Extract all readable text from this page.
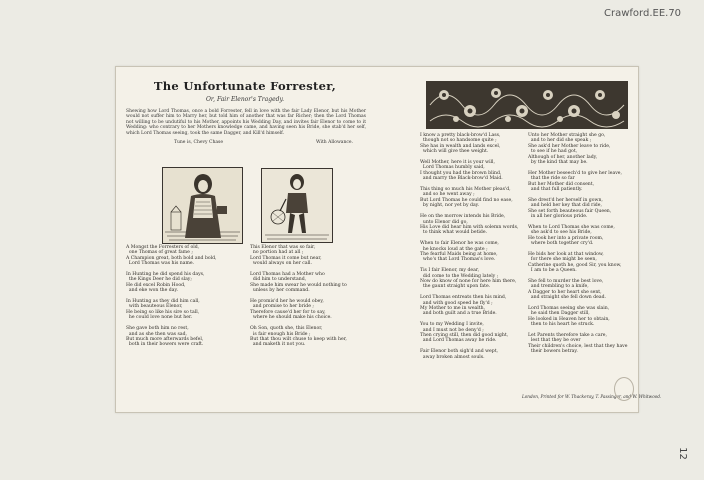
Crawford.EE.70
12
The Unfortunate Forrester,
Or, Fair Elenor's Tragedy.
Shewing how Lord Thomas, once a bold Forrester, fell in love with the fair Lady Elenor, but his Mother would not suffer him to Marry her, but told him of another that was far Richer; then the Lord Thomas not willing to be undutiful to his Mother, appoints his Wedding Day, and invites fair Elenor to come to it Wedding: who contrary to her Mothers knowledge came, and having seen his Bride, she stab'd her self, which Lord Thomas seeing, took the same Dagger, and Kill'd himself.
Tune is, Chevy Chase	With Allowance.
A Mongst the Forresters of old,
one Thomas of great fame ;
A Champion great, both bold and bold,
Lord Thomas was his name.

In Hunting he did spend his days,
the Kings Deer he did slay;
He did excel Robin Hood,
and eke won the day.

In Hunting as they did him call,
with beauteous Elenor,
He being so like his sire so tall,
he could love none but her.

She gave both him no rest,
and as she then was sad,
But much more afterwards befel,
both in their bowers were craft.
This Elenor that was so fair,
no portion had at all ;
Lord Thomas it come but near,
would always on her call.

Lord Thomas had a Mother who
did him to understand,
She made him swear he would nothing to
unless by her command.

He promis'd her he would obey,
and promise to her bride ;
Therefore cause'd her for to say,
where he should make his choice.

Oh Son, quoth she, this Elenor,
is fair enough his Bride ;
But that thou wilt chuse to keep with her,
and maketh it not you.
I know a pretty black-brow'd Lass,
though not so handsome quite ;
She has in wealth and lands excel,
which will give thee weight.

Well Mother, here it is your will,
Lord Thomas humbly said,
I thought you had the brown blind,
and marry the Black-brow'd Maid.

This thing so much his Mother pleas'd,
and so he went away ;
But Lord Thomas he could find no ease,
by night, nor yet by day.

He on the morrow intends his Bride,
unto Elenor did go,
His Love did hear him with solemn words,
to think what would betide.

When to fair Elenor he was come,
he knocks loud at the gate ;
The fearful Maids being at home,
who's that Lord Thomas's love.

Tis I fair Elenor, my dear,
did come to the Wedding lately ;
Now do know of none for here him there,
the gaunt straight upon fate.

Lord Thomas entreats then his mind,
and with good speed he fly'd ;
My Mother to me in wealth,
and both guilt and a true Bride.

You to my Wedding I invite,
and I must not be deny'd ;
Then crying still, then did good night,
and Lord Thomas away he ride.

Fair Elenor both sigh'd and wept,
away broken almost souls.
Unto her Mother straight she go,
and to her did she speak ;
She ask'd her Mother leave to ride,
to see if he had got,
Although of her, another lady,
by the kind that may be.

Her Mother beseech'd to give her leave,
that the ride so far
But her Mother did consent,
and that full patiently.

She drest'd her herself in gown,
and held her key that did ride,
She set forth beauteous fair Queen,
in all her glorious pride.

When to Lord Thomas she was come,
she ask'd to see his Bride,
He took her into a private room,
where both together cry'd.

He bids her look at that window,
for there she might be seen,
Catherine quoth he, good Sir, you know,
I am to be a Queen.

She fell to murder the best love,
and trembling to a knife,
A Dagger to her heart she sent,
and straight she fell down dead.

Lord Thomas seeing she was slain,
he said then Dagger still,
He looked in Heaven her to obtain,
then to his heart he struck.

Let Parents therefore take a care,
lest that they be over
Their children's choice, lest that they have
their bowers betray.
London, Printed for W. Thackeray, T. Passinger, and W. Whitwood.
